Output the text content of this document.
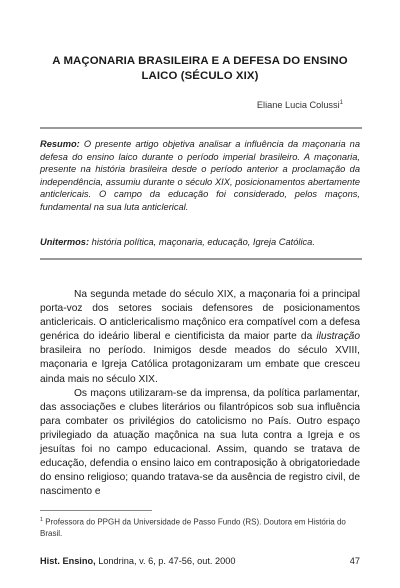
A MAÇONARIA BRASILEIRA E A DEFESA DO ENSINO
LAICO (SÉCULO XIX)
Eliane Lucia Colussi$^1$
Resumo: O presente artigo objetiva analisar a influência da maçonaria na defesa do ensino laico durante o período imperial brasileiro. A maçonaria, presente na história brasileira desde o período anterior a proclamação da independência, assumiu durante o século XIX, posicionamentos abertamente anticlericais. O campo da educação foi considerado, pelos maçons, fundamental na sua luta anticlerical.
Unitermos: história política, maçonaria, educação, Igreja Católica.

Na segunda metade do século XIX, a maçonaria foi a principal porta-voz dos setores sociais defensores de posicionamentos anticlericais. O anticlericalismo maçônico era compatível com a defesa genérica do ideário liberal e cientificista da maior parte da ilustração brasileira no período. Inimigos desde meados do século XVIII, maçonaria e Igreja Católica protagonizaram um embate que cresceu ainda mais no século XIX.

Os maçons utilizaram-se da imprensa, da política parlamentar, das associações e clubes literários ou filantrópicos sob sua influência para combater os privilégios do catolicismo no País. Outro espaço privilegiado da atuação maçônica na sua luta contra a Igreja e os jesuítas foi no campo educacional. Assim, quando se tratava de educação, defendia o ensino laico em contraposição à obrigatoriedade do ensino religioso; quando tratava-se da ausência de registro civil, de nascimento e

$^1$ Professora do PPGH da Universidade de Passo Fundo (RS). Doutora em História do Brasil.
Hist. Ensino, Londrina, v. 6, p. 47-56, out. 2000	47
